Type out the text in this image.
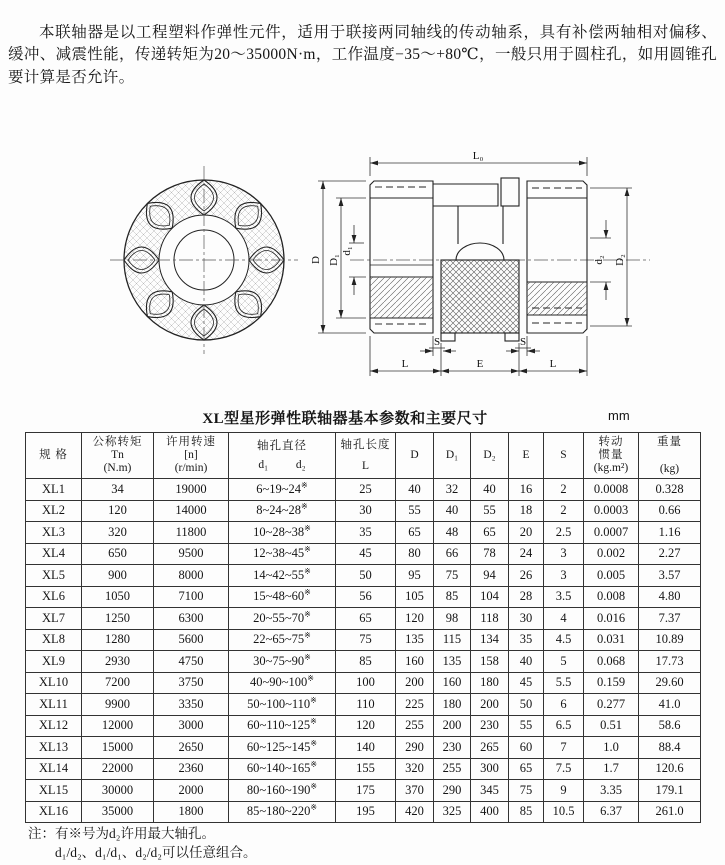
本联轴器是以工程塑料作弹性元件，适用于联接两同轴线的传动轴系，具有补偿两轴相对偏移、缓冲、减震性能，传递转矩为20～35000N·m，工作温度−35～+80℃，一般只用于圆柱孔，如用圆锥孔要计算是否允许。

L₀
D D₁
d₁
d₂ D₂
S	S
L	E	L
XL型星形弹性联轴器基本参数和主要尺寸	mm
规 格	公称转矩
Tn
(N.m)	许用转速
[n]
(r/min)	轴孔直径
d₁ d₂	轴孔长度
L	D	D₁	D₂	E	S	转动
惯量
(kg.m²)	重量
(kg)

XL1	34	19000	6~19~24※	25	40	32	40	16	2	0.0008	0.328
XL2	120	14000	8~24~28※	30	55	40	55	18	2	0.0003	0.66
XL3	320	11800	10~28~38※	35	65	48	65	20	2.5	0.0007	1.16
XL4	650	9500	12~38~45※	45	80	66	78	24	3	0.002	2.27
XL5	900	8000	14~42~55※	50	95	75	94	26	3	0.005	3.57
XL6	1050	7100	15~48~60※	56	105	85	104	28	3.5	0.008	4.80
XL7	1250	6300	20~55~70※	65	120	98	118	30	4	0.016	7.37
XL8	1280	5600	22~65~75※	75	135	115	134	35	4.5	0.031	10.89
XL9	2930	4750	30~75~90※	85	160	135	158	40	5	0.068	17.73
XL10	7200	3750	40~90~100※	100	200	160	180	45	5.5	0.159	29.60
XL11	9900	3350	50~100~110※	110	225	180	200	50	6	0.277	41.0
XL12	12000	3000	60~110~125※	120	255	200	230	55	6.5	0.51	58.6
XL13	15000	2650	60~125~145※	140	290	230	265	60	7	1.0	88.4
XL14	22000	2360	60~140~165※	155	320	255	300	65	7.5	1.7	120.6
XL15	30000	2000	80~160~190※	175	370	290	345	75	9	3.35	179.1
XL16	35000	1800	85~180~220※	195	420	325	400	85	10.5	6.37	261.0
注：有※号为d₂许用最大轴孔。
d₁/d₂、d₁/d₁、d₂/d₂可以任意组合。
